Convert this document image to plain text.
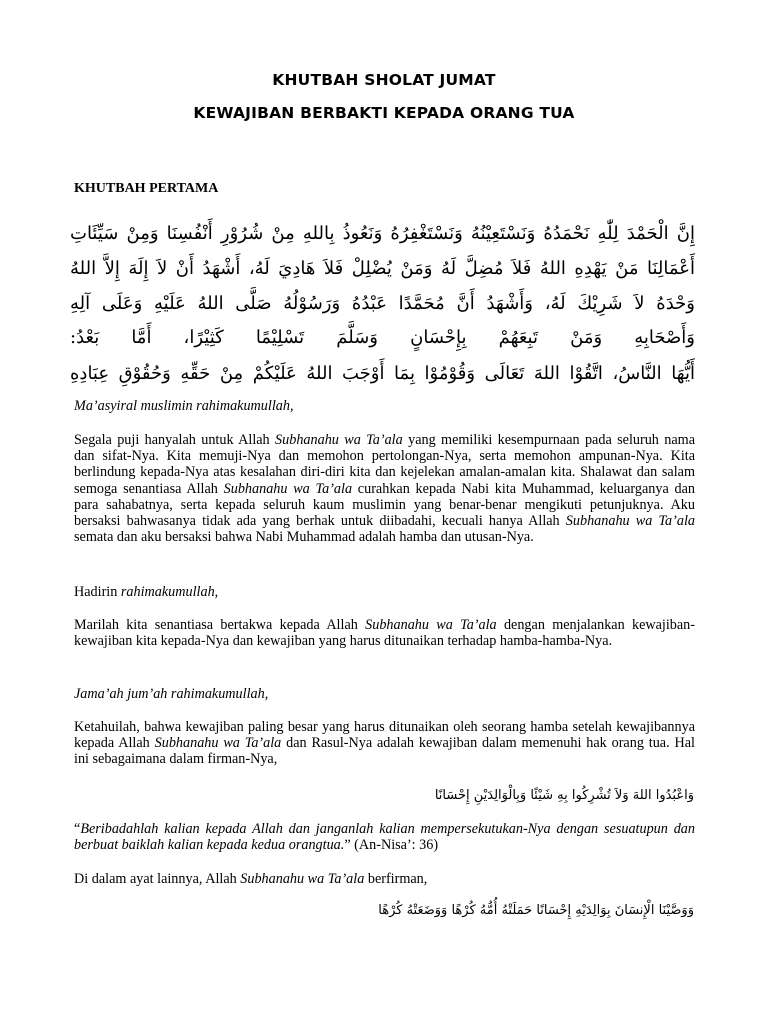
KHUTBAH SHOLAT JUMAT
KEWAJIBAN BERBAKTI KEPADA ORANG TUA
KHUTBAH PERTAMA
إِنَّ الْحَمْدَ لِلّٰهِ نَحْمَدُهُ وَنَسْتَعِيْنُهُ وَنَسْتَغْفِرُهُ وَنَعُوذُ بِاللهِ مِنْ شُرُوْرِ أَنْفُسِنَا وَمِنْ سَيِّئَاتِ
أَعْمَالِنَا مَنْ يَهْدِهِ اللهُ فَلاَ مُضِلَّ لَهُ وَمَنْ يُضْلِلْ فَلاَ هَادِيَ لَهُ، أَشْهَدُ أَنْ لاَ إِلَهَ إِلاَّ اللهُ
وَحْدَهُ لاَ شَرِيْكَ لَهُ، وَأَشْهَدُ أَنَّ مُحَمَّدًا عَبْدُهُ وَرَسُوْلُهُ صَلَّى اللهُ عَلَيْهِ وَعَلَى آلِهِ
وَأَصْحَابِهِ وَمَنْ تَبِعَهُمْ بِإِحْسَانٍ وَسَلَّمَ تَسْلِيْمًا كَثِيْرًا، أَمَّا بَعْدُ:
أَيُّهَا النَّاسُ، اتَّقُوْا اللهَ تَعَالَى وَقُوْمُوْا بِمَا أَوْجَبَ اللهُ عَلَيْكُمْ مِنْ حَقِّهِ وَحُقُوْقِ عِبَادِهِ
Ma’asyiral muslimin rahimakumullah,
Segala puji hanyalah untuk Allah Subhanahu wa Ta’ala yang memiliki kesempurnaan pada seluruh nama dan sifat-Nya. Kita memuji-Nya dan memohon pertolongan-Nya, serta memohon ampunan-Nya. Kita berlindung kepada-Nya atas kesalahan diri-diri kita dan kejelekan amalan-amalan kita. Shalawat dan salam semoga senantiasa Allah Subhanahu wa Ta’ala curahkan kepada Nabi kita Muhammad, keluarganya dan para sahabatnya, serta kepada seluruh kaum muslimin yang benar-benar mengikuti petunjuknya. Aku bersaksi bahwasanya tidak ada yang berhak untuk diibadahi, kecuali hanya Allah Subhanahu wa Ta’ala semata dan aku bersaksi bahwa Nabi Muhammad adalah hamba dan utusan-Nya.
Hadirin rahimakumullah,
Marilah kita senantiasa bertakwa kepada Allah Subhanahu wa Ta’ala dengan menjalankan kewajiban-kewajiban kita kepada-Nya dan kewajiban yang harus ditunaikan terhadap hamba-hamba-Nya.
Jama’ah jum’ah rahimakumullah,
Ketahuilah, bahwa kewajiban paling besar yang harus ditunaikan oleh seorang hamba setelah kewajibannya kepada Allah Subhanahu wa Ta’ala dan Rasul-Nya adalah kewajiban dalam memenuhi hak orang tua. Hal ini sebagaimana dalam firman-Nya,
وَاعْبُدُوا اللهَ وَلاَ تُشْرِكُوا بِهِ شَيْئًا وَبِالْوَالِدَيْنِ إِحْسَانًا
“Beribadahlah kalian kepada Allah dan janganlah kalian mempersekutukan-Nya dengan sesuatupun dan berbuat baiklah kalian kepada kedua orangtua.” (An-Nisa’: 36)
Di dalam ayat lainnya, Allah Subhanahu wa Ta’ala berfirman,
وَوَصَّيْنَا الْإِنسَانَ بِوَالِدَيْهِ إِحْسَانًا حَمَلَتْهُ أُمُّهُ كُرْهًا وَوَضَعَتْهُ كُرْهًا
